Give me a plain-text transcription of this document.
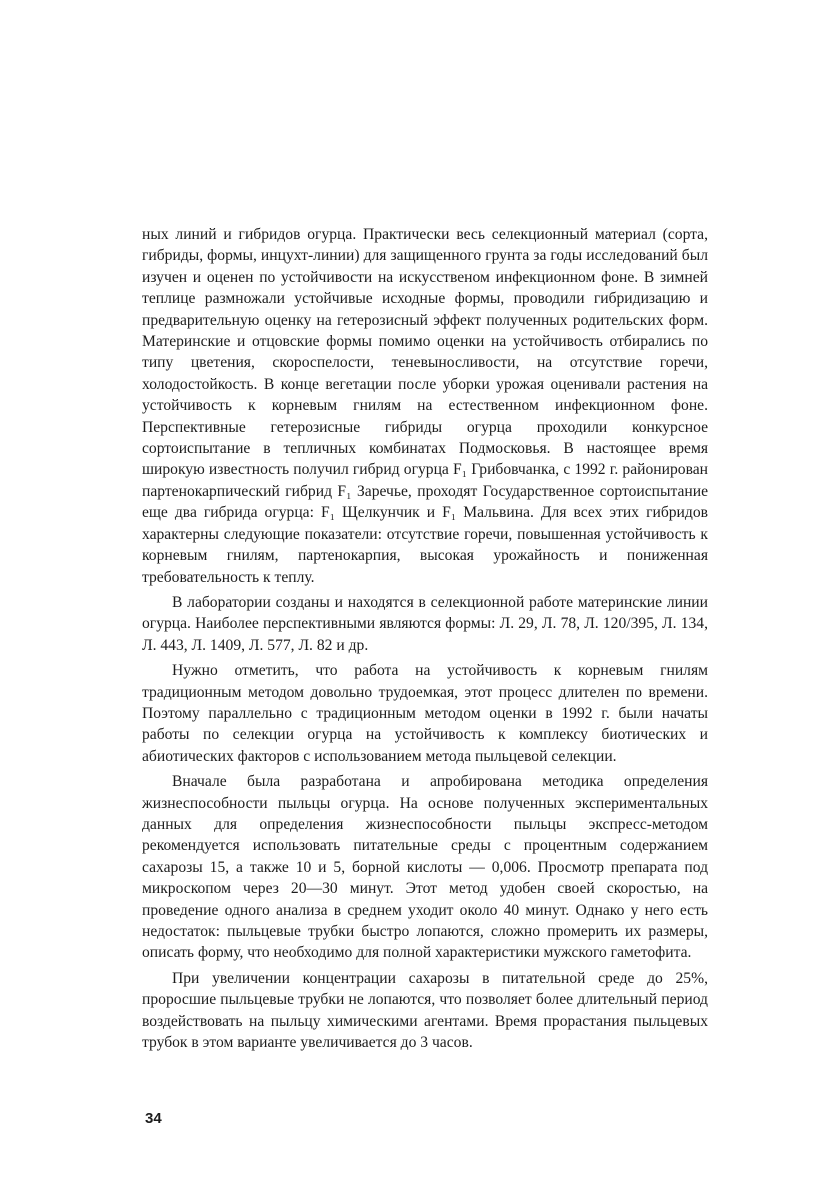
ных линий и гибридов огурца. Практически весь селекционный материал (сорта, гибриды, формы, инцухт-линии) для защищенного грунта за годы исследований был изучен и оценен по устойчивости на искусственом инфекционном фоне. В зимней теплице размножали устойчивые исходные формы, проводили гибридизацию и предварительную оценку на гетерозисный эффект полученных родительских форм. Материнские и отцовские формы помимо оценки на устойчивость отбирались по типу цветения, скороспелости, теневыносливости, на отсутствие горечи, холодостойкость. В конце вегетации после уборки урожая оценивали растения на устойчивость к корневым гнилям на естественном инфекционном фоне. Перспективные гетерозисные гибриды огурца проходили конкурсное сортоиспытание в тепличных комбинатах Подмосковья. В настоящее время широкую известность получил гибрид огурца F₁ Грибовчанка, с 1992 г. районирован партенокарпический гибрид F₁ Заречье, проходят Государственное сортоиспытание еще два гибрида огурца: F₁ Щелкунчик и F₁ Мальвина. Для всех этих гибридов характерны следующие показатели: отсутствие горечи, повышенная устойчивость к корневым гнилям, партенокарпия, высокая урожайность и пониженная требовательность к теплу.

В лаборатории созданы и находятся в селекционной работе материнские линии огурца. Наиболее перспективными являются формы: Л. 29, Л. 78, Л. 120/395, Л. 134, Л. 443, Л. 1409, Л. 577, Л. 82 и др.

Нужно отметить, что работа на устойчивость к корневым гнилям традиционным методом довольно трудоемкая, этот процесс длителен по времени. Поэтому параллельно с традиционным методом оценки в 1992 г. были начаты работы по селекции огурца на устойчивость к комплексу биотических и абиотических факторов с использованием метода пыльцевой селекции.

Вначале была разработана и апробирована методика определения жизнеспособности пыльцы огурца. На основе полученных экспериментальных данных для определения жизнеспособности пыльцы экспресс-методом рекомендуется использовать питательные среды с процентным содержанием сахарозы 15, а также 10 и 5, борной кислоты — 0,006. Просмотр препарата под микроскопом через 20—30 минут. Этот метод удобен своей скоростью, на проведение одного анализа в среднем уходит около 40 минут. Однако у него есть недостаток: пыльцевые трубки быстро лопаются, сложно промерить их размеры, описать форму, что необходимо для полной характеристики мужского гаметофита.

При увеличении концентрации сахарозы в питательной среде до 25%, проросшие пыльцевые трубки не лопаются, что позволяет более длительный период воздействовать на пыльцу химическими агентами. Время прорастания пыльцевых трубок в этом варианте увеличивается до 3 часов.

34
